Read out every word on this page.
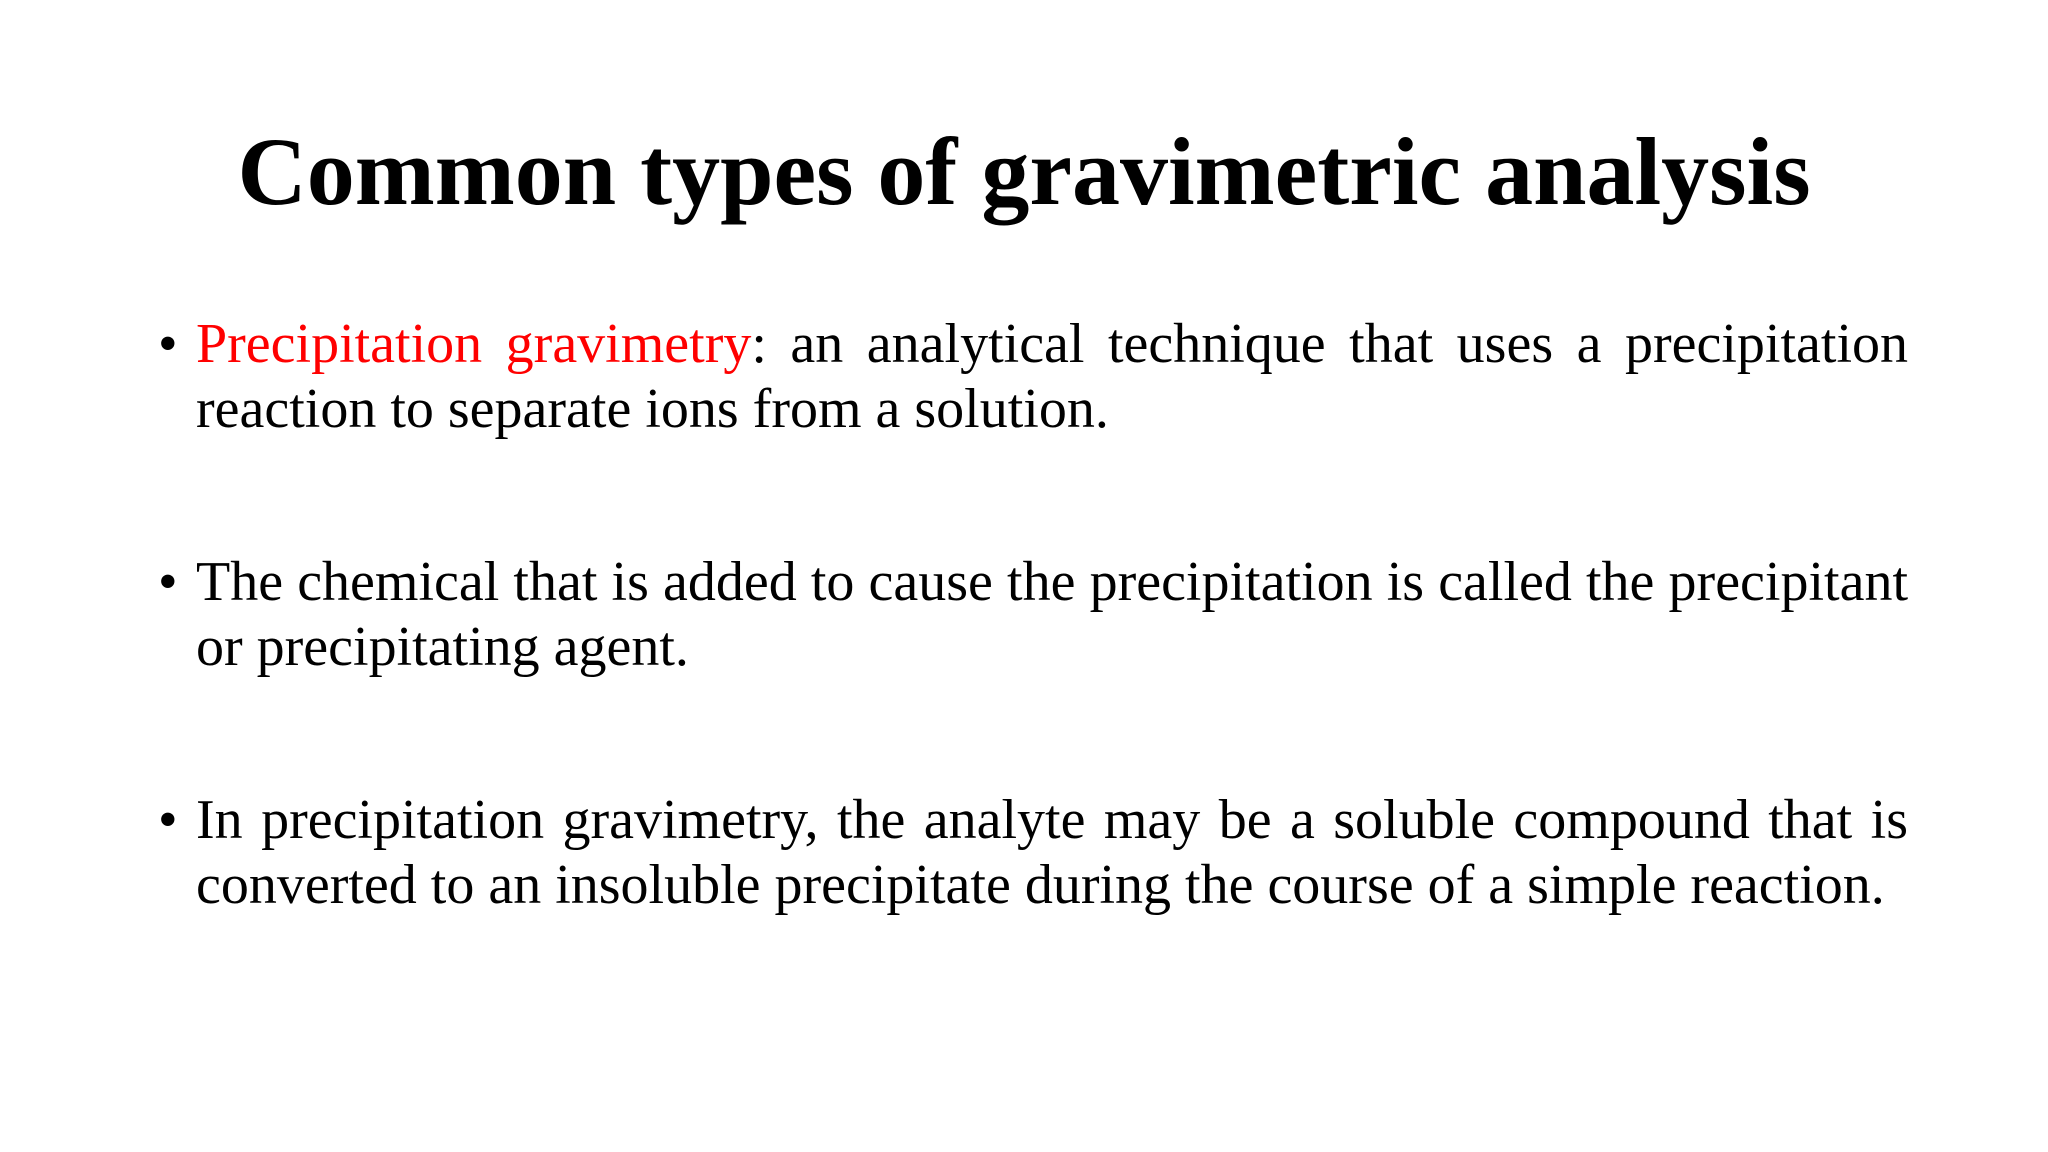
Common types of gravimetric analysis
• Precipitation gravimetry: an analytical technique that uses a precipitation reaction to separate ions from a solution.
• The chemical that is added to cause the precipitation is called the precipitant or precipitating agent.
• In precipitation gravimetry, the analyte may be a soluble compound that is converted to an insoluble precipitate during the course of a simple reaction.
